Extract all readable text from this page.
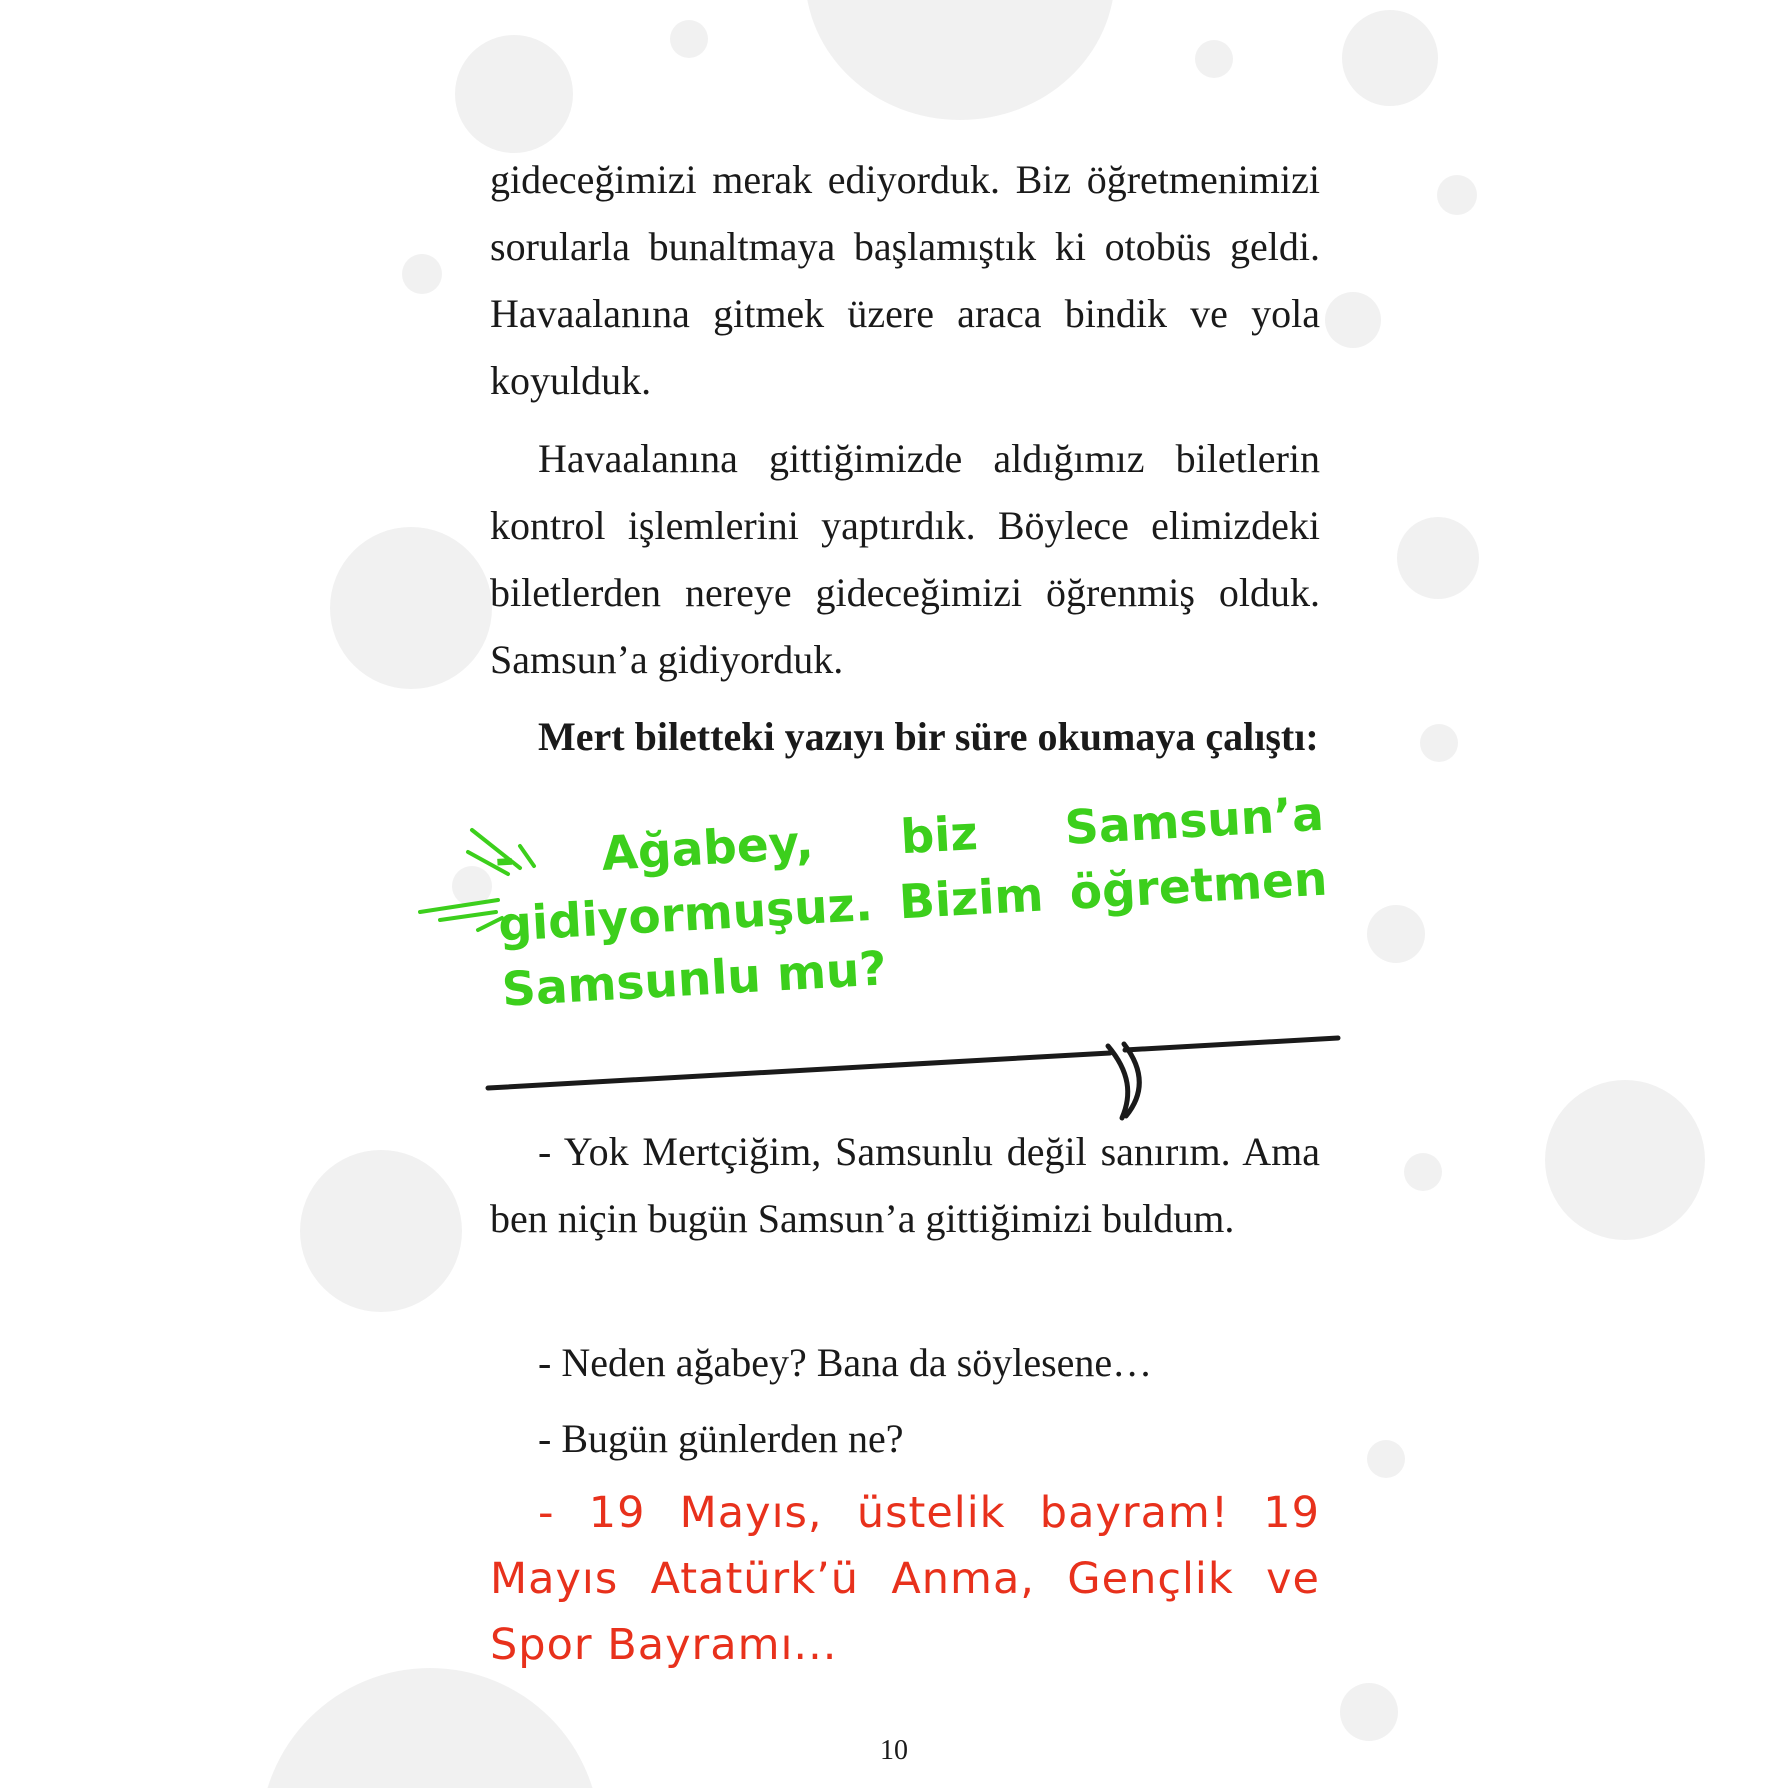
gideceğimizi merak ediyorduk. Biz öğretmenimizi sorularla bunaltmaya başlamıştık ki otobüs geldi. Havaalanına gitmek üzere araca bindik ve yola koyulduk.

Havaalanına gittiğimizde aldığımız biletlerin kontrol işlemlerini yaptırdık. Böylece elimizdeki biletlerden nereye gideceğimizi öğrenmiş olduk. Samsun’a gidiyorduk.

Mert biletteki yazıyı bir süre okumaya çalıştı:

- Ağabey, biz Samsun’a gidiyormuşuz. Bizim öğretmen Samsunlu mu?

- Yok Mertçiğim, Samsunlu değil sanırım. Ama ben niçin bugün Samsun’a gittiğimizi buldum.

- Neden ağabey? Bana da söylesene…

- Bugün günlerden ne?

- 19 Mayıs, üstelik bayram! 19 Mayıs Atatürk’ü Anma, Gençlik ve Spor Bayramı...

10
